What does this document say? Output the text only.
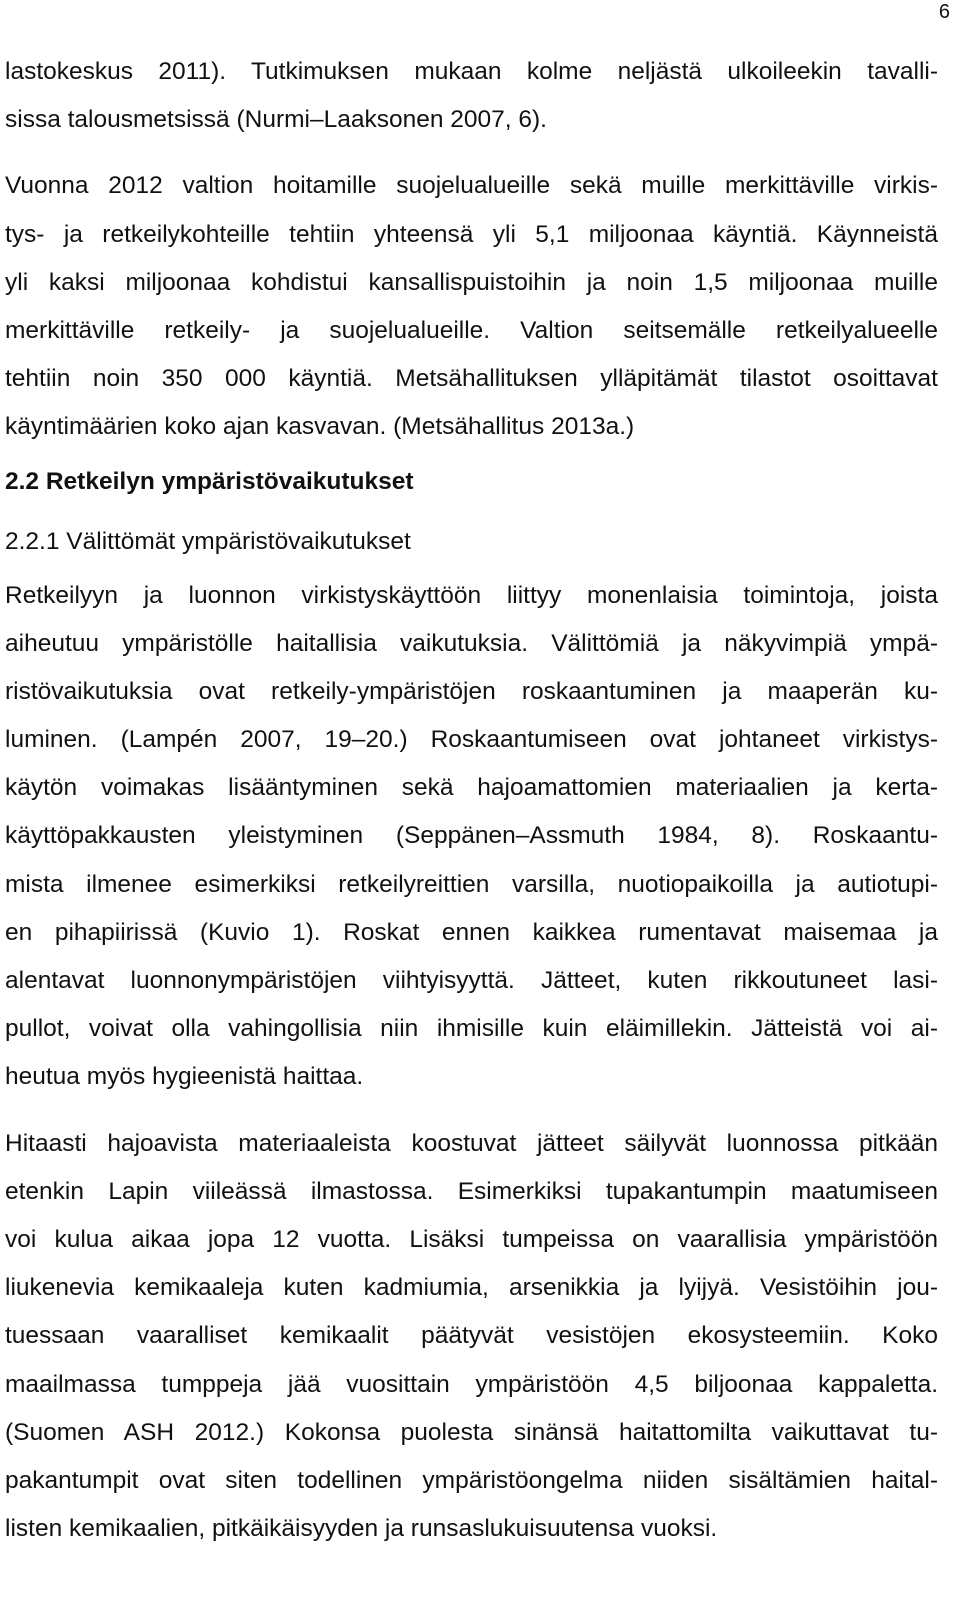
6
lastokeskus 2011). Tutkimuksen mukaan kolme neljästä ulkoileekin tavalli-
sissa talousmetsissä (Nurmi–Laaksonen 2007, 6).
Vuonna 2012 valtion hoitamille suojelualueille sekä muille merkittäville virkis-
tys- ja retkeilykohteille tehtiin yhteensä yli 5,1 miljoonaa käyntiä. Käynneistä
yli kaksi miljoonaa kohdistui kansallispuistoihin ja noin 1,5 miljoonaa muille
merkittäville retkeily- ja suojelualueille. Valtion seitsemälle retkeilyalueelle
tehtiin noin 350 000 käyntiä. Metsähallituksen ylläpitämät tilastot osoittavat
käyntimäärien koko ajan kasvavan. (Metsähallitus 2013a.)
2.2 Retkeilyn ympäristövaikutukset
2.2.1 Välittömät ympäristövaikutukset
Retkeilyyn ja luonnon virkistyskäyttöön liittyy monenlaisia toimintoja, joista
aiheutuu ympäristölle haitallisia vaikutuksia. Välittömiä ja näkyvimpiä ympä-
ristövaikutuksia ovat retkeily-ympäristöjen roskaantuminen ja maaperän ku-
luminen. (Lampén 2007, 19–20.) Roskaantumiseen ovat johtaneet virkistys-
käytön voimakas lisääntyminen sekä hajoamattomien materiaalien ja kerta-
käyttöpakkausten yleistyminen (Seppänen–Assmuth 1984, 8). Roskaantu-
mista ilmenee esimerkiksi retkeilyreittien varsilla, nuotiopaikoilla ja autiotupi-
en pihapiirissä (Kuvio 1). Roskat ennen kaikkea rumentavat maisemaa ja
alentavat luonnonympäristöjen viihtyisyyttä. Jätteet, kuten rikkoutuneet lasi-
pullot, voivat olla vahingollisia niin ihmisille kuin eläimillekin. Jätteistä voi ai-
heutua myös hygieenistä haittaa.
Hitaasti hajoavista materiaaleista koostuvat jätteet säilyvät luonnossa pitkään
etenkin Lapin viileässä ilmastossa. Esimerkiksi tupakantumpin maatumiseen
voi kulua aikaa jopa 12 vuotta. Lisäksi tumpeissa on vaarallisia ympäristöön
liukenevia kemikaaleja kuten kadmiumia, arsenikkia ja lyijyä. Vesistöihin jou-
tuessaan vaaralliset kemikaalit päätyvät vesistöjen ekosysteemiin. Koko
maailmassa tumppeja jää vuosittain ympäristöön 4,5 biljoonaa kappaletta.
(Suomen ASH 2012.) Kokonsa puolesta sinänsä haitattomilta vaikuttavat tu-
pakantumpit ovat siten todellinen ympäristöongelma niiden sisältämien haital-
listen kemikaalien, pitkäikäisyyden ja runsaslukuisuutensa vuoksi.
